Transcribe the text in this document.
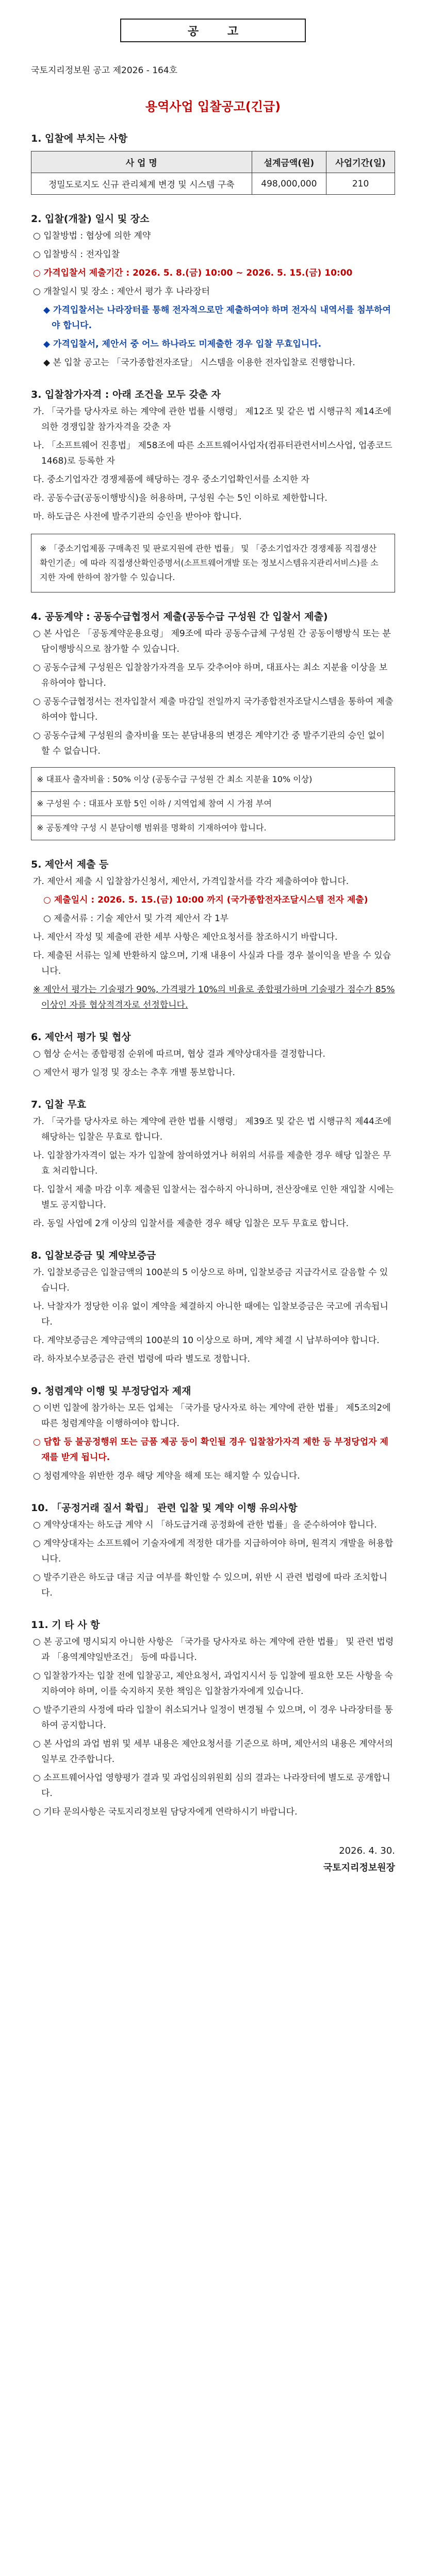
공 고
국토지리정보원 공고 제2026 - 164호
용역사업 입찰공고(긴급)
1. 입찰에 부치는 사항
사 업 명	설계금액(원)	사업기간(일)
정밀도로지도 신규 관리체계 변경 및 시스템 구축	498,000,000	210
2. 입찰(개찰) 일시 및 장소
○ 입찰방법 : 협상에 의한 계약
○ 입찰방식 : 전자입찰
○ 가격입찰서 제출기간 : 2026. 5. 8.(금) 10:00 ~ 2026. 5. 15.(금) 10:00
○ 개찰일시 및 장소 : 제안서 평가 후 나라장터
◆ 가격입찰서는 나라장터를 통해 전자적으로만 제출하여야 하며 전자식 내역서를 첨부하여야 합니다.
◆ 가격입찰서, 제안서 중 어느 하나라도 미제출한 경우 입찰 무효입니다.
◆ 본 입찰 공고는 「국가종합전자조달」 시스템을 이용한 전자입찰로 진행합니다.
3. 입찰참가자격 : 아래 조건을 모두 갖춘 자
가. 「국가를 당사자로 하는 계약에 관한 법률 시행령」 제12조 및 같은 법 시행규칙 제14조에 의한 경쟁입찰 참가자격을 갖춘 자
나. 「소프트웨어 진흥법」 제58조에 따른 소프트웨어사업자(컴퓨터관련서비스사업, 업종코드 1468)로 등록한 자
다. 중소기업자간 경쟁제품에 해당하는 경우 중소기업확인서를 소지한 자
라. 공동수급(공동이행방식)을 허용하며, 구성원 수는 5인 이하로 제한합니다.
마. 하도급은 사전에 발주기관의 승인을 받아야 합니다.
※ 「중소기업제품 구매촉진 및 판로지원에 관한 법률」 및 「중소기업자간 경쟁제품 직접생산 확인기준」에 따라 직접생산확인증명서(소프트웨어개발 또는 정보시스템유지관리서비스)를 소지한 자에 한하여 참가할 수 있습니다.
4. 공동계약 : 공동수급협정서 제출(공동수급 구성원 간 입찰서 제출)
○ 본 사업은 「공동계약운용요령」 제9조에 따라 공동수급체 구성원 간 공동이행방식 또는 분담이행방식으로 참가할 수 있습니다.
○ 공동수급체 구성원은 입찰참가자격을 모두 갖추어야 하며, 대표사는 최소 지분율 이상을 보유하여야 합니다.
○ 공동수급협정서는 전자입찰서 제출 마감일 전일까지 국가종합전자조달시스템을 통하여 제출하여야 합니다.
○ 공동수급체 구성원의 출자비율 또는 분담내용의 변경은 계약기간 중 발주기관의 승인 없이 할 수 없습니다.
※ 대표사 출자비율 : 50% 이상 (공동수급 구성원 간 최소 지분율 10% 이상)
※ 구성원 수 : 대표사 포함 5인 이하 / 지역업체 참여 시 가점 부여
※ 공동계약 구성 시 분담이행 범위를 명확히 기재하여야 합니다.
5. 제안서 제출 등
가. 제안서 제출 시 입찰참가신청서, 제안서, 가격입찰서를 각각 제출하여야 합니다.
○ 제출일시 : 2026. 5. 15.(금) 10:00 까지 (국가종합전자조달시스템 전자 제출)
○ 제출서류 : 기술 제안서 및 가격 제안서 각 1부
나. 제안서 작성 및 제출에 관한 세부 사항은 제안요청서를 참조하시기 바랍니다.
다. 제출된 서류는 일체 반환하지 않으며, 기재 내용이 사실과 다를 경우 불이익을 받을 수 있습니다.
※ 제안서 평가는 기술평가 90%, 가격평가 10%의 비율로 종합평가하며 기술평가 점수가 85% 이상인 자를 협상적격자로 선정합니다.
6. 제안서 평가 및 협상
○ 협상 순서는 종합평점 순위에 따르며, 협상 결과 계약상대자를 결정합니다.
○ 제안서 평가 일정 및 장소는 추후 개별 통보합니다.
7. 입찰 무효
가. 「국가를 당사자로 하는 계약에 관한 법률 시행령」 제39조 및 같은 법 시행규칙 제44조에 해당하는 입찰은 무효로 합니다.
나. 입찰참가자격이 없는 자가 입찰에 참여하였거나 허위의 서류를 제출한 경우 해당 입찰은 무효 처리합니다.
다. 입찰서 제출 마감 이후 제출된 입찰서는 접수하지 아니하며, 전산장애로 인한 재입찰 시에는 별도 공지합니다.
라. 동일 사업에 2개 이상의 입찰서를 제출한 경우 해당 입찰은 모두 무효로 합니다.
8. 입찰보증금 및 계약보증금
가. 입찰보증금은 입찰금액의 100분의 5 이상으로 하며, 입찰보증금 지급각서로 갈음할 수 있습니다.
나. 낙찰자가 정당한 이유 없이 계약을 체결하지 아니한 때에는 입찰보증금은 국고에 귀속됩니다.
다. 계약보증금은 계약금액의 100분의 10 이상으로 하며, 계약 체결 시 납부하여야 합니다.
라. 하자보수보증금은 관련 법령에 따라 별도로 정합니다.
9. 청렴계약 이행 및 부정당업자 제재
○ 이번 입찰에 참가하는 모든 업체는 「국가를 당사자로 하는 계약에 관한 법률」 제5조의2에 따른 청렴계약을 이행하여야 합니다.
○ 담합 등 불공정행위 또는 금품 제공 등이 확인될 경우 입찰참가자격 제한 등 부정당업자 제재를 받게 됩니다.
○ 청렴계약을 위반한 경우 해당 계약을 해제 또는 해지할 수 있습니다.
10. 「공정거래 질서 확립」 관련 입찰 및 계약 이행 유의사항
○ 계약상대자는 하도급 계약 시 「하도급거래 공정화에 관한 법률」을 준수하여야 합니다.
○ 계약상대자는 소프트웨어 기술자에게 적정한 대가를 지급하여야 하며, 원격지 개발을 허용합니다.
○ 발주기관은 하도급 대금 지급 여부를 확인할 수 있으며, 위반 시 관련 법령에 따라 조치합니다.
11. 기 타 사 항
○ 본 공고에 명시되지 아니한 사항은 「국가를 당사자로 하는 계약에 관한 법률」 및 관련 법령과 「용역계약일반조건」 등에 따릅니다.
○ 입찰참가자는 입찰 전에 입찰공고, 제안요청서, 과업지시서 등 입찰에 필요한 모든 사항을 숙지하여야 하며, 이를 숙지하지 못한 책임은 입찰참가자에게 있습니다.
○ 발주기관의 사정에 따라 입찰이 취소되거나 일정이 변경될 수 있으며, 이 경우 나라장터를 통하여 공지합니다.
○ 본 사업의 과업 범위 및 세부 내용은 제안요청서를 기준으로 하며, 제안서의 내용은 계약서의 일부로 간주합니다.
○ 소프트웨어사업 영향평가 결과 및 과업심의위원회 심의 결과는 나라장터에 별도로 공개합니다.
○ 기타 문의사항은 국토지리정보원 담당자에게 연락하시기 바랍니다.
2026. 4. 30.
국토지리정보원장
